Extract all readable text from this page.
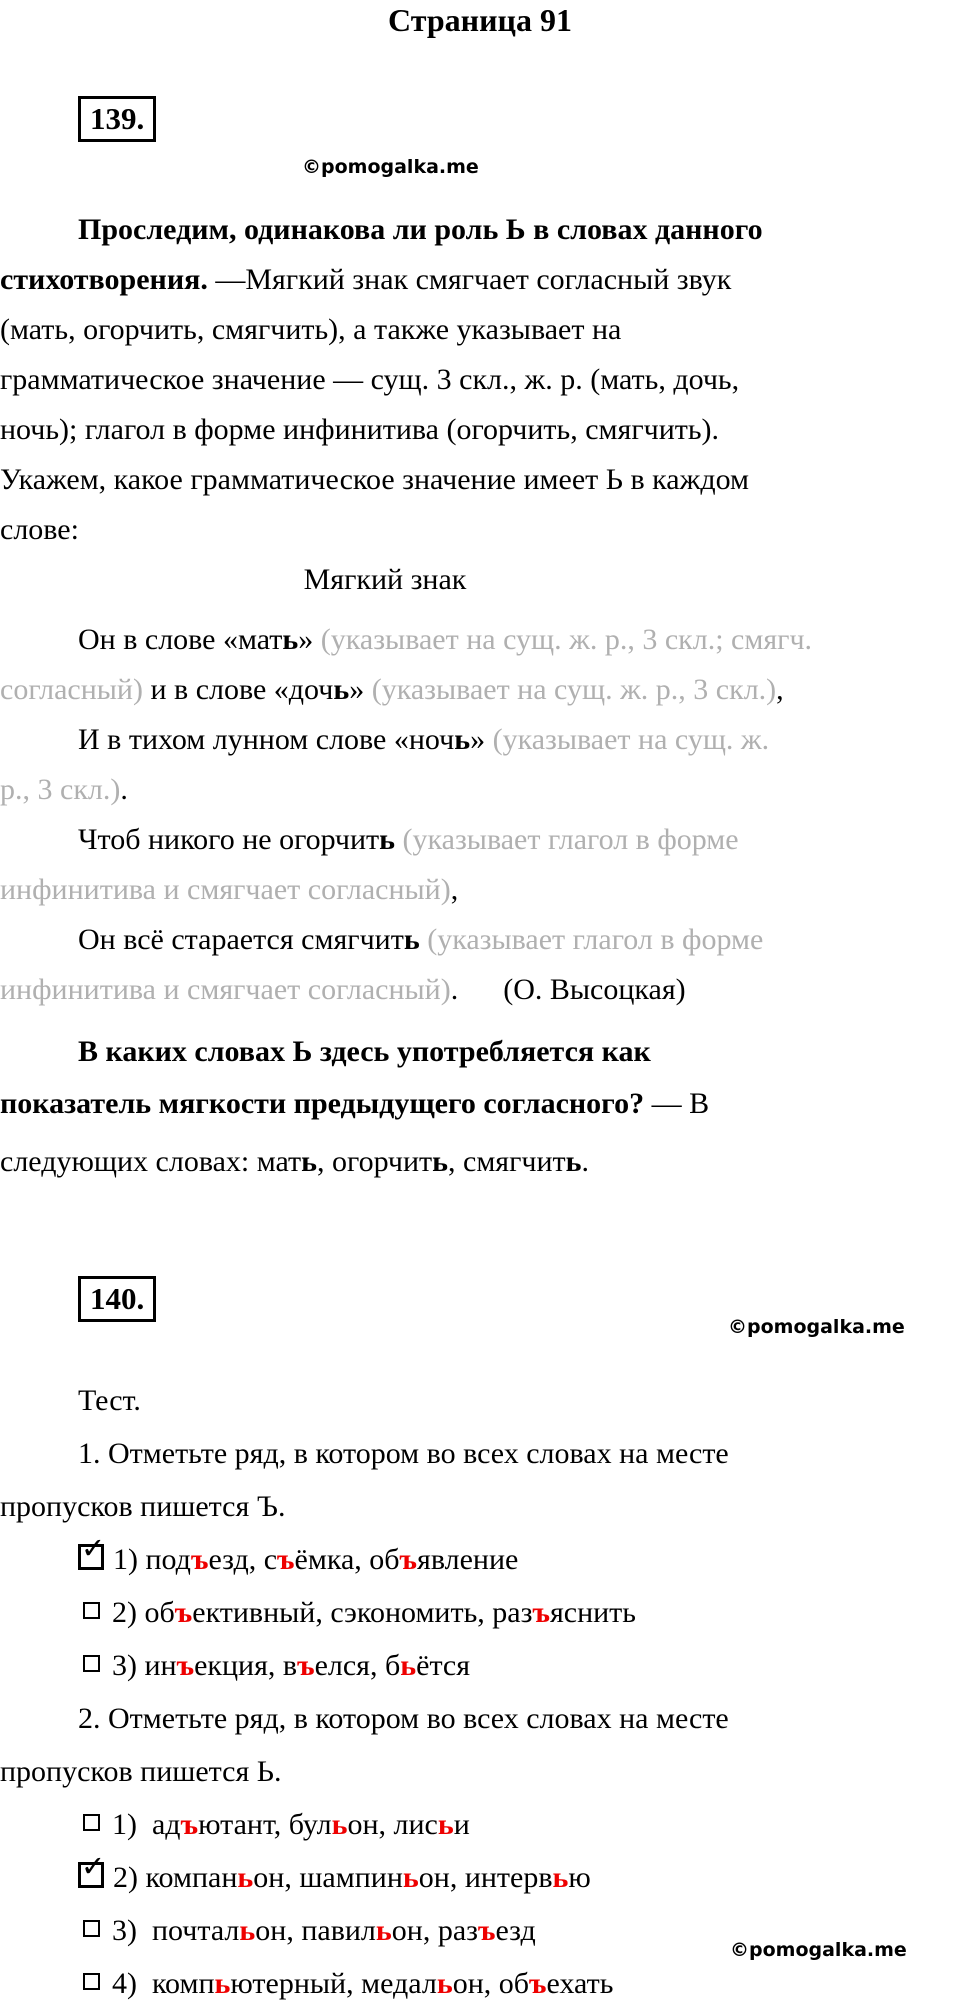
Страница 91
139.
©pomogalka.me
Проследим, одинакова ли роль Ь в словах данного
стихотворения. —Мягкий знак смягчает согласный звук
(мать, огорчить, смягчить), а также указывает на
грамматическое значение — сущ. 3 скл., ж. р. (мать, дочь,
ночь); глагол в форме инфинитива (огорчить, смягчить).
Укажем, какое грамматическое значение имеет Ь в каждом
слове:
Мягкий знак
Он в слове «мать» (указывает на сущ. ж. р., 3 скл.; смягч.
согласный) и в слове «дочь» (указывает на сущ. ж. р., 3 скл.),
И в тихом лунном слове «ночь» (указывает на сущ. ж.
р., 3 скл.).
Чтоб никого не огорчить (указывает глагол в форме
инфинитива и смягчает согласный),
Он всё старается смягчить (указывает глагол в форме
инфинитива и смягчает согласный).      (О. Высоцкая)
В каких словах Ь здесь употребляется как
показатель мягкости предыдущего согласного? — В
следующих словах: мать, огорчить, смягчить.
140.
©pomogalka.me
Тест.
1. Отметьте ряд, в котором во всех словах на месте
пропусков пишется Ъ.
✓ 1) подъезд, съёмка, объявление
2) объективный, сэкономить, разъяснить
3) инъекция, въелся, бьётся
2. Отметьте ряд, в котором во всех словах на месте
пропусков пишется Ь.
1)  адъютант, бульон, лисьи
✓ 2) компаньон, шампиньон, интервью
3)  почтальон, павильон, разъезд
4)  компьютерный, медальон, объехать
©pomogalka.me
